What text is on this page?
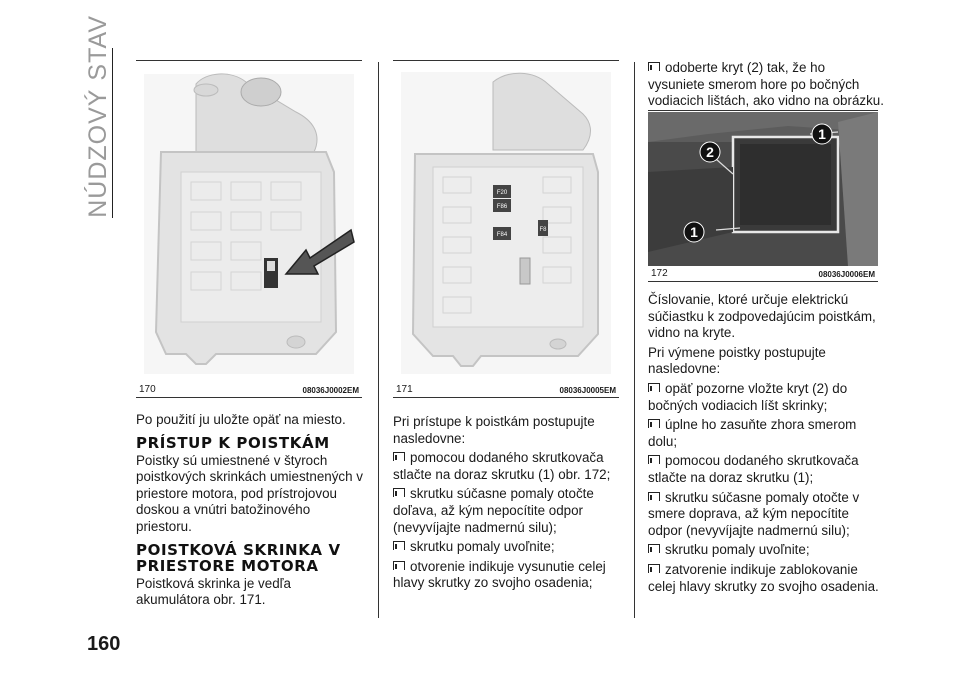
NÚDZOVÝ STAV
170	08036J0002EM
F20
F86
F84
F8
171	08036J0005EM
1
2
1
172	08036J0006EM

Po použití ju uložte opäť na miesto.

PRÍSTUP K POISTKÁM

Poistky sú umiestnené v štyroch poistkových skrinkách umiestnených v priestore motora, pod prístrojovou doskou a vnútri batožinového priestoru.

POISTKOVÁ SKRINKA V PRIESTORE MOTORA

Poistková skrinka je vedľa akumulátora obr. 171.

Pri prístupe k poistkám postupujte nasledovne:

pomocou dodaného skrutkovača stlačte na doraz skrutku (1) obr. 172;

skrutku súčasne pomaly otočte doľava, až kým nepocítite odpor (nevyvíjajte nadmernú silu);

skrutku pomaly uvoľnite;

otvorenie indikuje vysunutie celej hlavy skrutky zo svojho osadenia;

odoberte kryt (2) tak, že ho vysuniete smerom hore po bočných vodiacich lištách, ako vidno na obrázku.

Číslovanie, ktoré určuje elektrickú súčiastku k zodpovedajúcim poistkám, vidno na kryte.

Pri výmene poistky postupujte nasledovne:

opäť pozorne vložte kryt (2) do bočných vodiacich líšt skrinky;

úplne ho zasuňte zhora smerom dolu;

pomocou dodaného skrutkovača stlačte na doraz skrutku (1);

skrutku súčasne pomaly otočte v smere doprava, až kým nepocítite odpor (nevyvíjajte nadmernú silu);

skrutku pomaly uvoľnite;

zatvorenie indikuje zablokovanie celej hlavy skrutky zo svojho osadenia.

160
